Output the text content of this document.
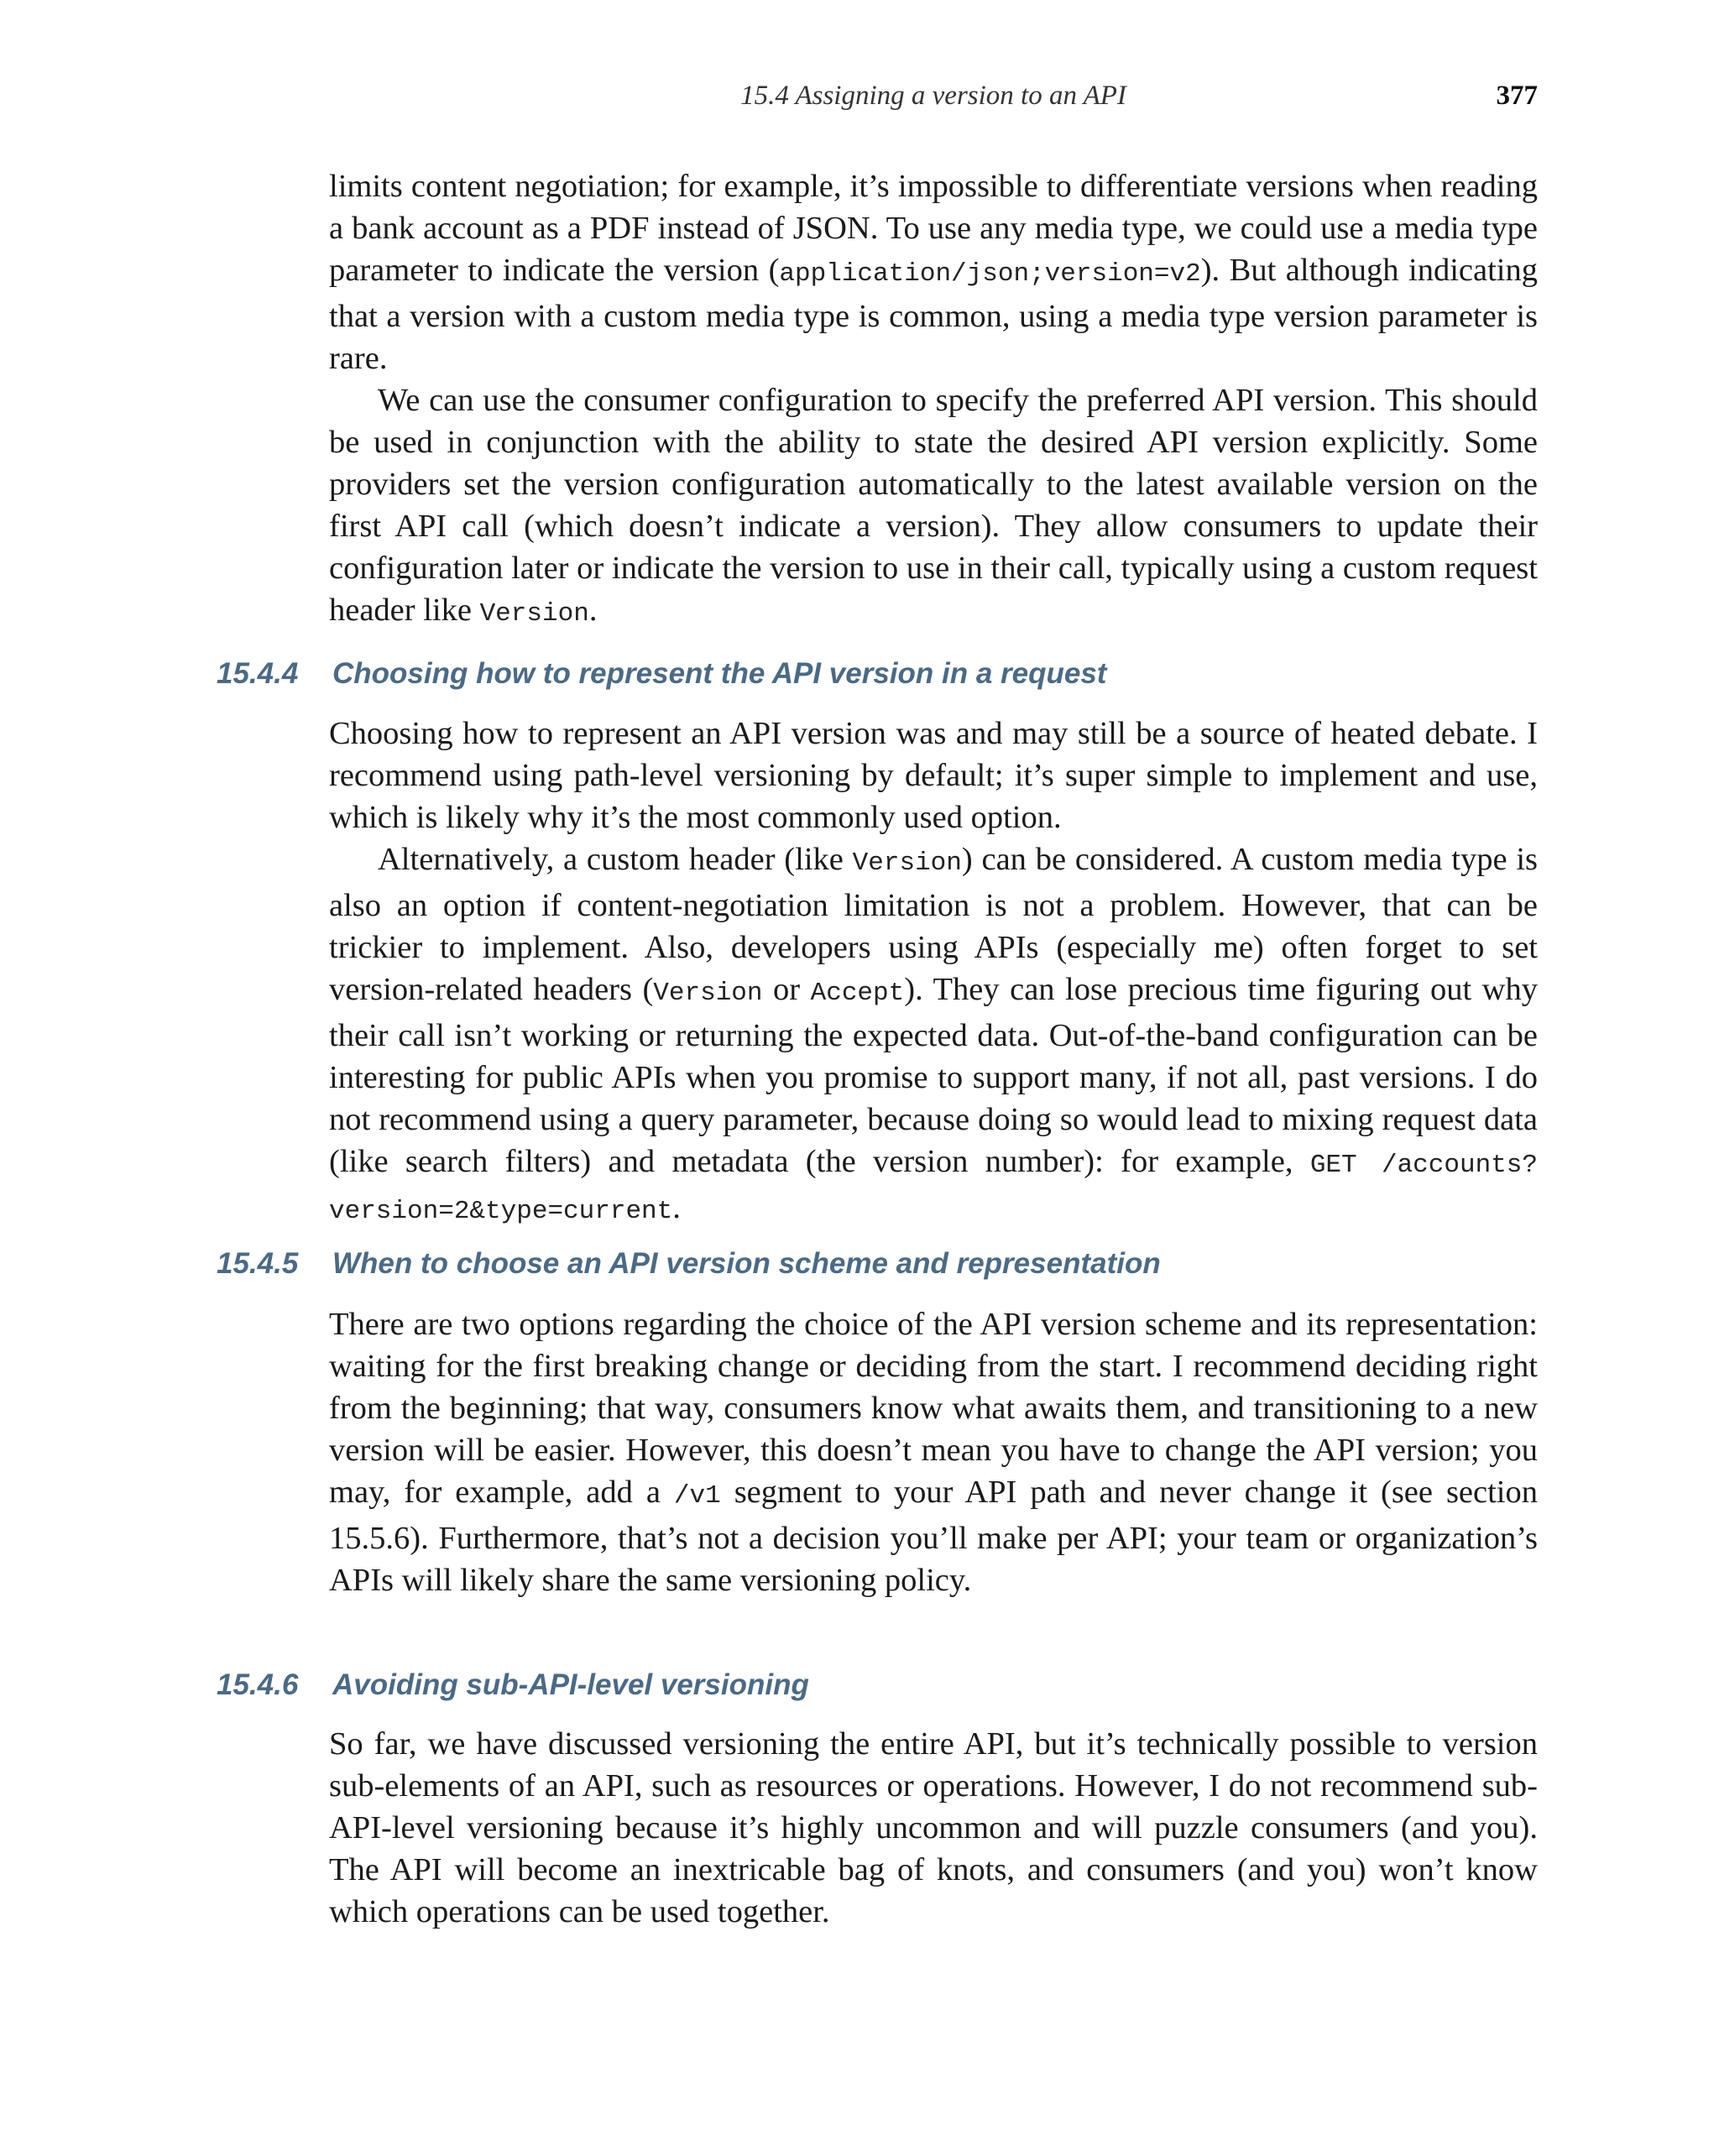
15.4 Assigning a version to an API	377

limits content negotiation; for example, it’s impossible to differentiate versions when reading a bank account as a PDF instead of JSON. To use any media type, we could use a media type parameter to indicate the version (application/json;version=v2). But although indicating that a version with a custom media type is common, using a media type version parameter is rare.

We can use the consumer configuration to specify the preferred API version. This should be used in conjunction with the ability to state the desired API version explicitly. Some providers set the version configuration automatically to the latest available version on the first API call (which doesn’t indicate a version). They allow consumers to update their configuration later or indicate the version to use in their call, typically using a custom request header like Version.

15.4.4 Choosing how to represent the API version in a request

Choosing how to represent an API version was and may still be a source of heated debate. I recommend using path-level versioning by default; it’s super simple to implement and use, which is likely why it’s the most commonly used option.

Alternatively, a custom header (like Version) can be considered. A custom media type is also an option if content-negotiation limitation is not a problem. However, that can be trickier to implement. Also, developers using APIs (especially me) often forget to set version-related headers (Version or Accept). They can lose precious time figuring out why their call isn’t working or returning the expected data. Out-of-the-band configuration can be interesting for public APIs when you promise to support many, if not all, past versions. I do not recommend using a query parameter, because doing so would lead to mixing request data (like search filters) and metadata (the version number): for example, GET /accounts?version=2&type=current.

15.4.5 When to choose an API version scheme and representation

There are two options regarding the choice of the API version scheme and its representation: waiting for the first breaking change or deciding from the start. I recommend deciding right from the beginning; that way, consumers know what awaits them, and transitioning to a new version will be easier. However, this doesn’t mean you have to change the API version; you may, for example, add a /v1 segment to your API path and never change it (see section 15.5.6). Furthermore, that’s not a decision you’ll make per API; your team or organization’s APIs will likely share the same versioning policy.

15.4.6 Avoiding sub-API-level versioning

So far, we have discussed versioning the entire API, but it’s technically possible to version sub-elements of an API, such as resources or operations. However, I do not recommend sub-API-level versioning because it’s highly uncommon and will puzzle consumers (and you). The API will become an inextricable bag of knots, and consumers (and you) won’t know which operations can be used together.
